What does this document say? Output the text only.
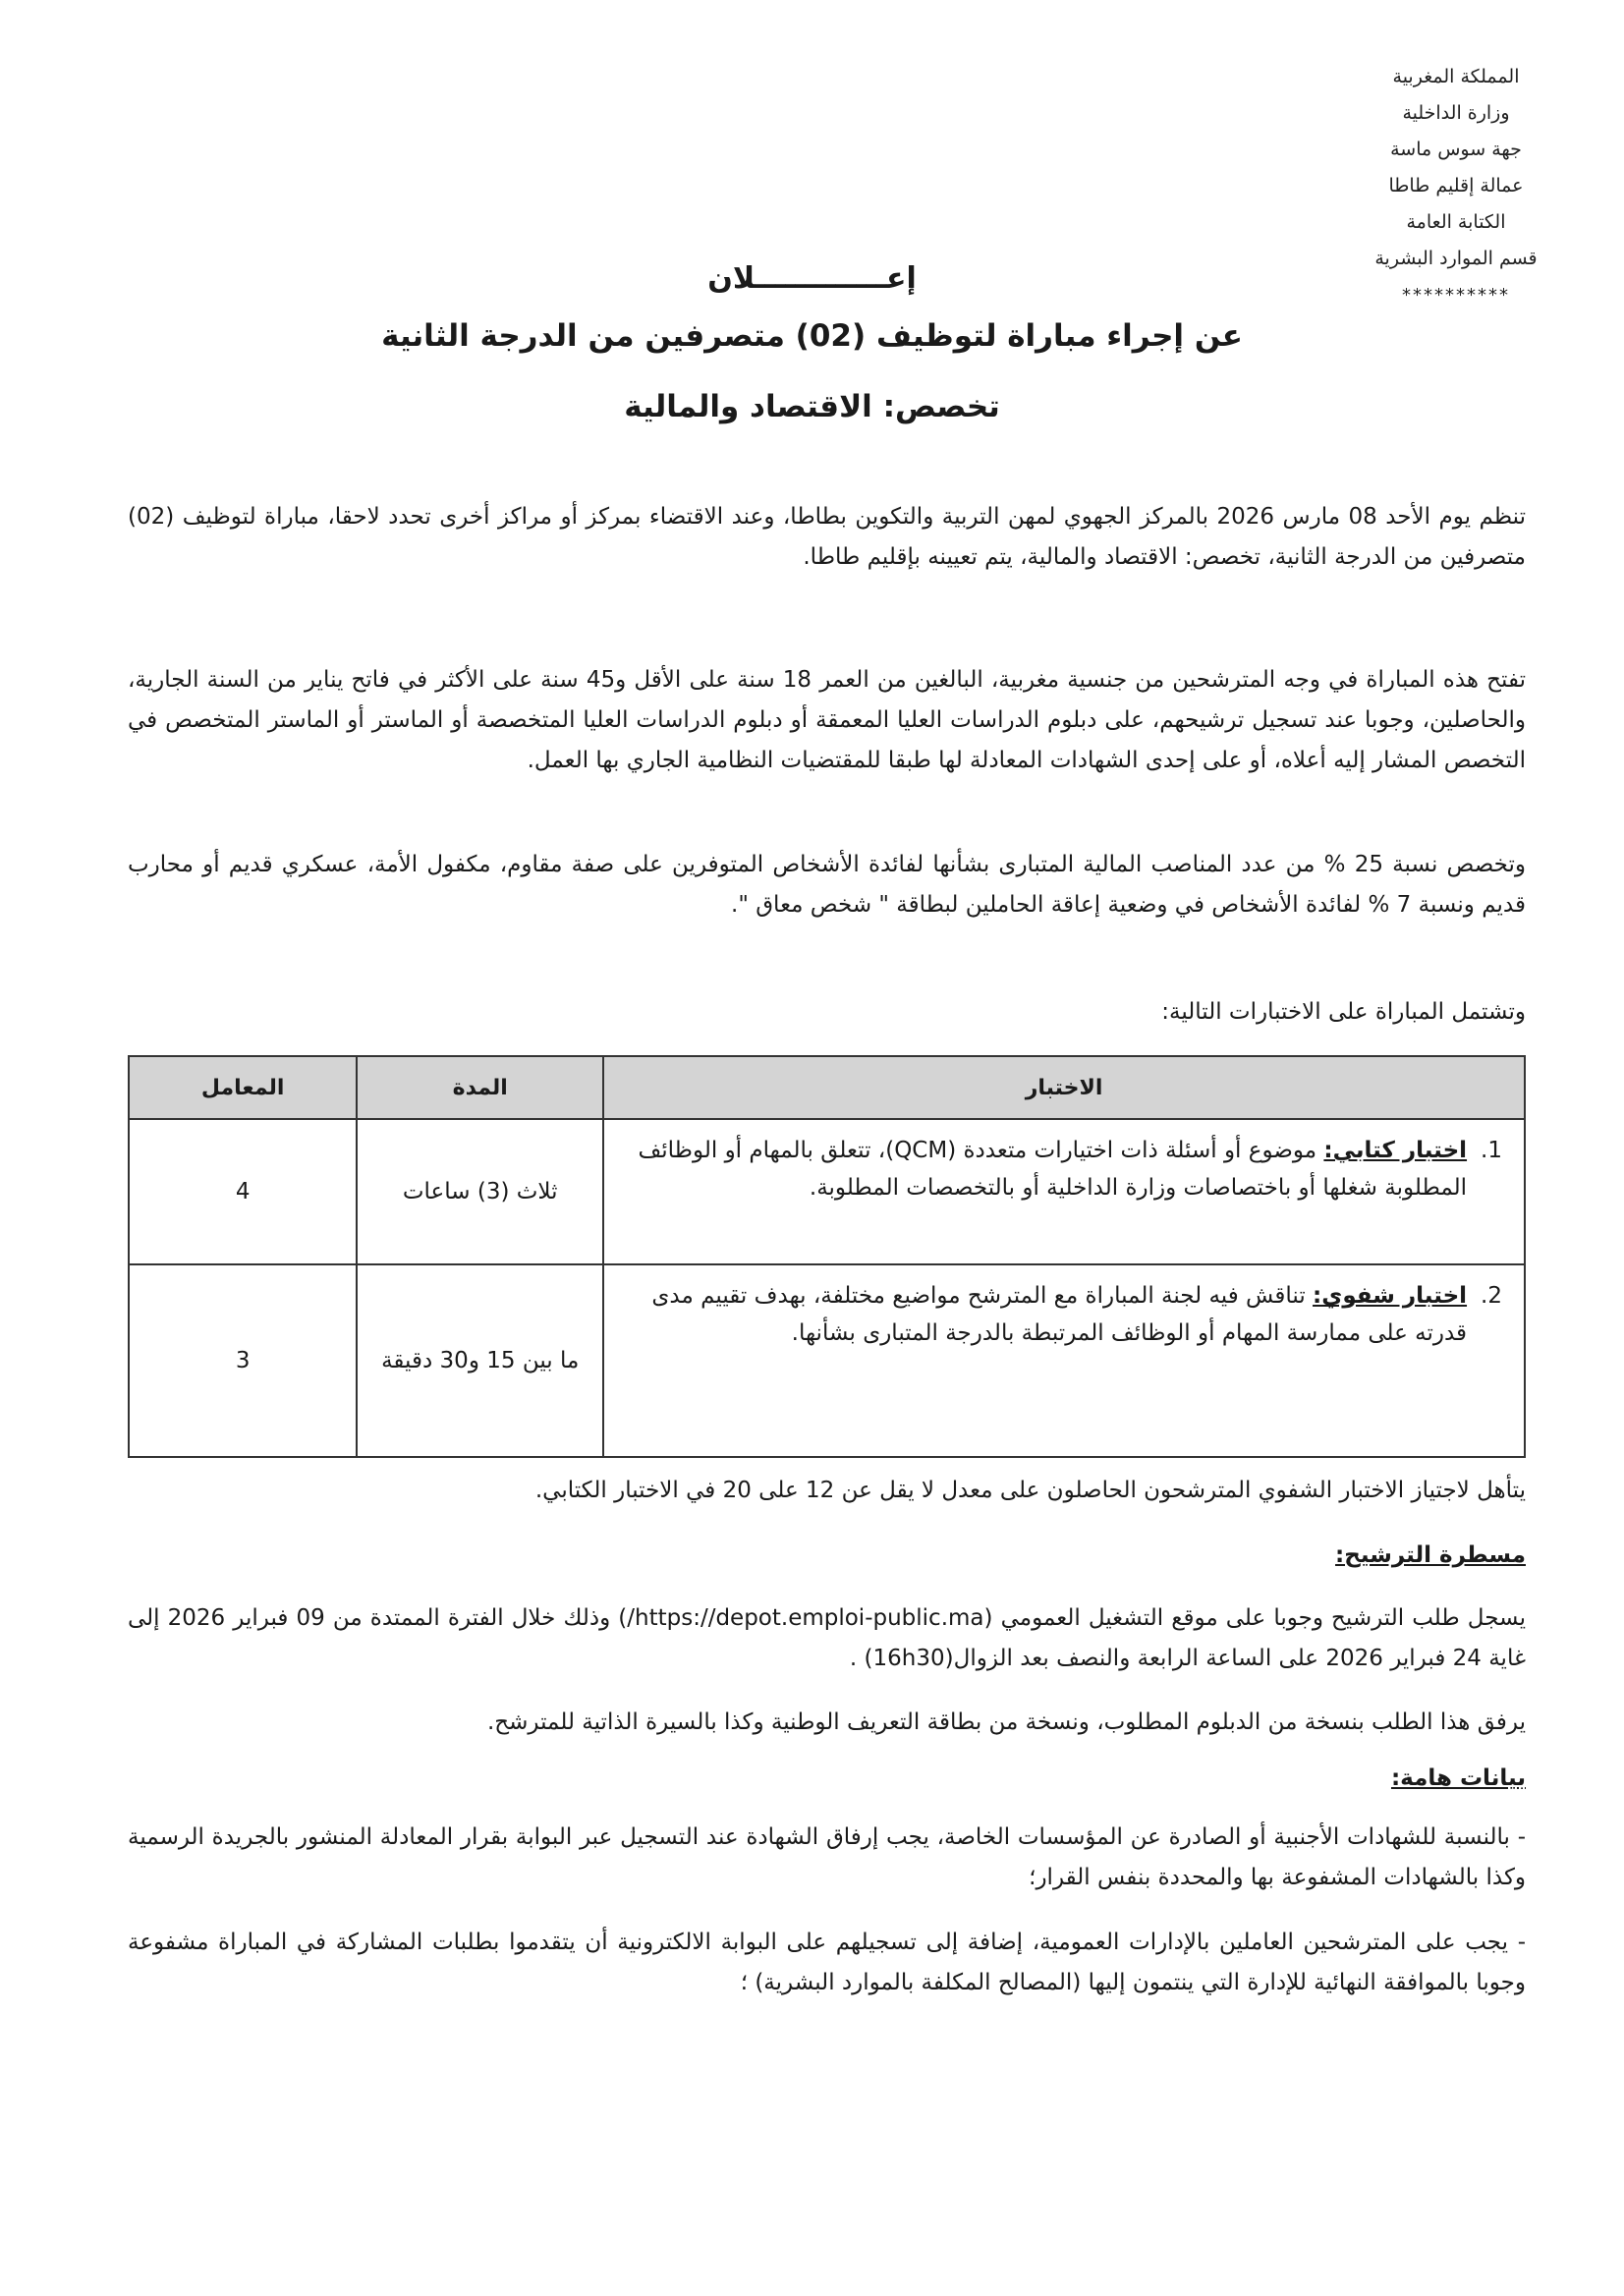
المملكة المغربية
وزارة الداخلية
جهة سوس ماسة
عمالة إقليم طاطا
الكتابة العامة
قسم الموارد البشرية
**********
إعـــــــــــــلان
عن إجراء مباراة لتوظيف (02) متصرفين من الدرجة الثانية
تخصص: الاقتصاد والمالية
تنظم يوم الأحد 08 مارس 2026 بالمركز الجهوي لمهن التربية والتكوين بطاطا، وعند الاقتضاء بمركز أو مراكز أخرى تحدد لاحقا، مباراة لتوظيف (02) متصرفين من الدرجة الثانية، تخصص: الاقتصاد والمالية، يتم تعيينه بإقليم طاطا.
تفتح هذه المباراة في وجه المترشحين من جنسية مغربية، البالغين من العمر 18 سنة على الأقل و45 سنة على الأكثر في فاتح يناير من السنة الجارية، والحاصلين، وجوبا عند تسجيل ترشيحهم، على دبلوم الدراسات العليا المعمقة أو دبلوم الدراسات العليا المتخصصة أو الماستر أو الماستر المتخصص في التخصص المشار إليه أعلاه، أو على إحدى الشهادات المعادلة لها طبقا للمقتضيات النظامية الجاري بها العمل.
وتخصص نسبة 25 % من عدد المناصب المالية المتبارى بشأنها لفائدة الأشخاص المتوفرين على صفة مقاوم، مكفول الأمة، عسكري قديم أو محارب قديم ونسبة 7 % لفائدة الأشخاص في وضعية إعاقة الحاملين لبطاقة " شخص معاق ".
وتشتمل المباراة على الاختبارات التالية:
الاختبار	المدة	المعامل

1.
اختبار كتابي: موضوع أو أسئلة ذات اختيارات متعددة (QCM)، تتعلق بالمهام أو الوظائف المطلوبة شغلها أو باختصاصات وزارة الداخلية أو بالتخصصات المطلوبة.	ثلاث (3) ساعات	4

2.
اختبار شفوي: تناقش فيه لجنة المباراة مع المترشح مواضيع مختلفة، بهدف تقييم مدى قدرته على ممارسة المهام أو الوظائف المرتبطة بالدرجة المتبارى بشأنها.	ما بين 15 و30 دقيقة	3
يتأهل لاجتياز الاختبار الشفوي المترشحون الحاصلون على معدل لا يقل عن 12 على 20 في الاختبار الكتابي.
مسطرة الترشيح:
يسجل طلب الترشيح وجوبا على موقع التشغيل العمومي (https://depot.emploi-public.ma/) وذلك خلال الفترة الممتدة من 09 فبراير 2026 إلى غاية 24 فبراير 2026 على الساعة الرابعة والنصف بعد الزوال(16h30) .
يرفق هذا الطلب بنسخة من الدبلوم المطلوب، ونسخة من بطاقة التعريف الوطنية وكذا بالسيرة الذاتية للمترشح.
بيانات هامة:
- بالنسبة للشهادات الأجنبية أو الصادرة عن المؤسسات الخاصة، يجب إرفاق الشهادة عند التسجيل عبر البوابة بقرار المعادلة المنشور بالجريدة الرسمية وكذا بالشهادات المشفوعة بها والمحددة بنفس القرار؛
- يجب على المترشحين العاملين بالإدارات العمومية، إضافة إلى تسجيلهم على البوابة الالكترونية أن يتقدموا بطلبات المشاركة في المباراة مشفوعة وجوبا بالموافقة النهائية للإدارة التي ينتمون إليها (المصالح المكلفة بالموارد البشرية) ؛
